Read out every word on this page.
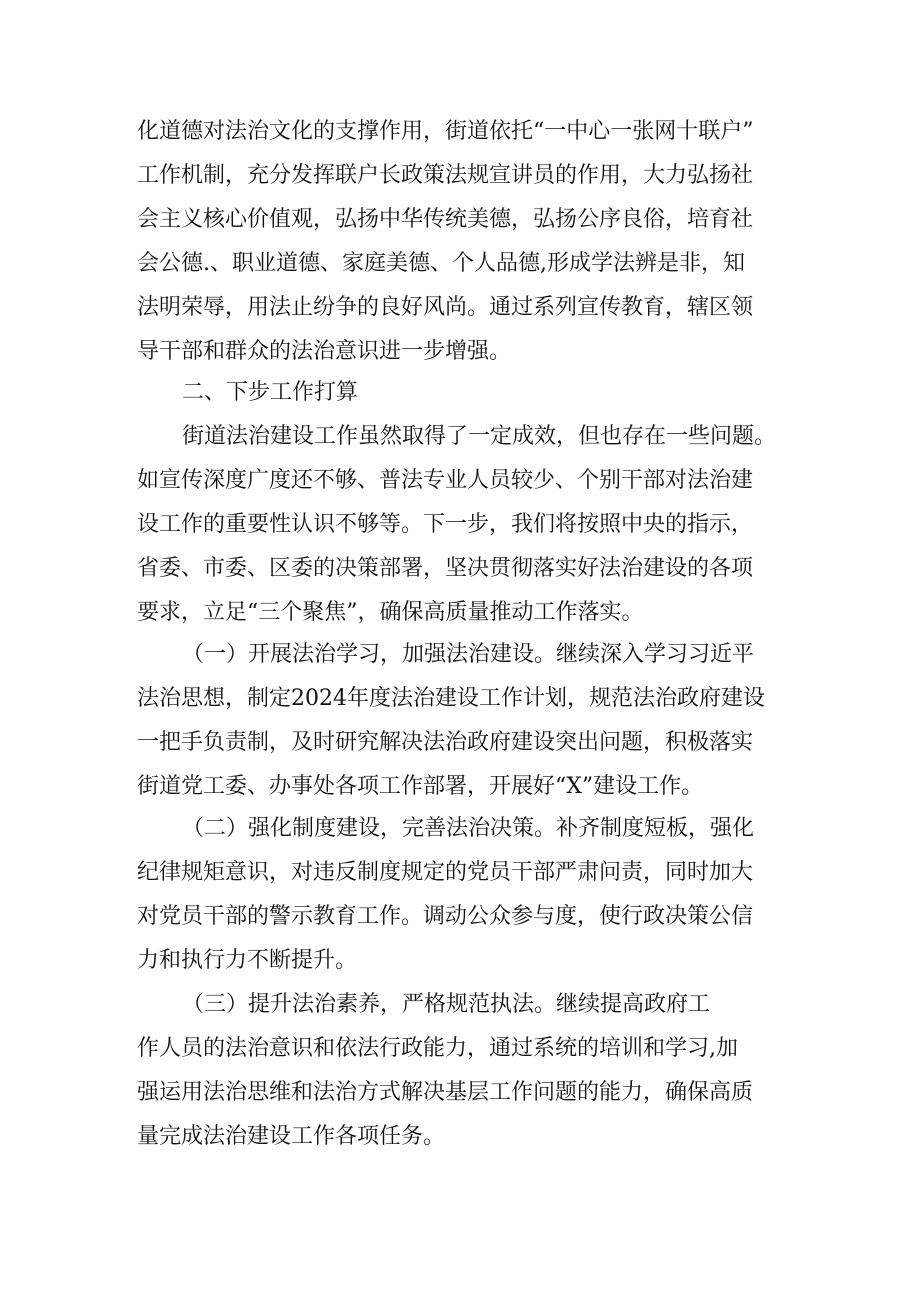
化道德对法治文化的支撑作用，街道依托“一中心一张网十联户”
工作机制，充分发挥联户长政策法规宣讲员的作用，大力弘扬社
会主义核心价值观，弘扬中华传统美德，弘扬公序良俗，培育社
会公德.、职业道德、家庭美德、个人品德,形成学法辨是非，知
法明荣辱，用法止纷争的良好风尚。通过系列宣传教育，辖区领
导干部和群众的法治意识进一步增强。
二、下步工作打算
街道法治建设工作虽然取得了一定成效，但也存在一些问题。
如宣传深度广度还不够、普法专业人员较少、个别干部对法治建
设工作的重要性认识不够等。下一步，我们将按照中央的指示，
省委、市委、区委的决策部署，坚决贯彻落实好法治建设的各项
要求，立足“三个聚焦”，确保高质量推动工作落实。
（一）开展法治学习，加强法治建设。继续深入学习习近平
法治思想，制定2024年度法治建设工作计划，规范法治政府建设
一把手负责制，及时研究解决法治政府建设突出问题，积极落实
街道党工委、办事处各项工作部署，开展好“X”建设工作。
（二）强化制度建设，完善法治决策。补齐制度短板，强化
纪律规矩意识，对违反制度规定的党员干部严肃问责，同时加大
对党员干部的警示教育工作。调动公众参与度，使行政决策公信
力和执行力不断提升。
（三）提升法治素养，严格规范执法。继续提高政府工
作人员的法治意识和依法行政能力，通过系统的培训和学习,加
强运用法治思维和法治方式解决基层工作问题的能力，确保高质
量完成法治建设工作各项任务。
